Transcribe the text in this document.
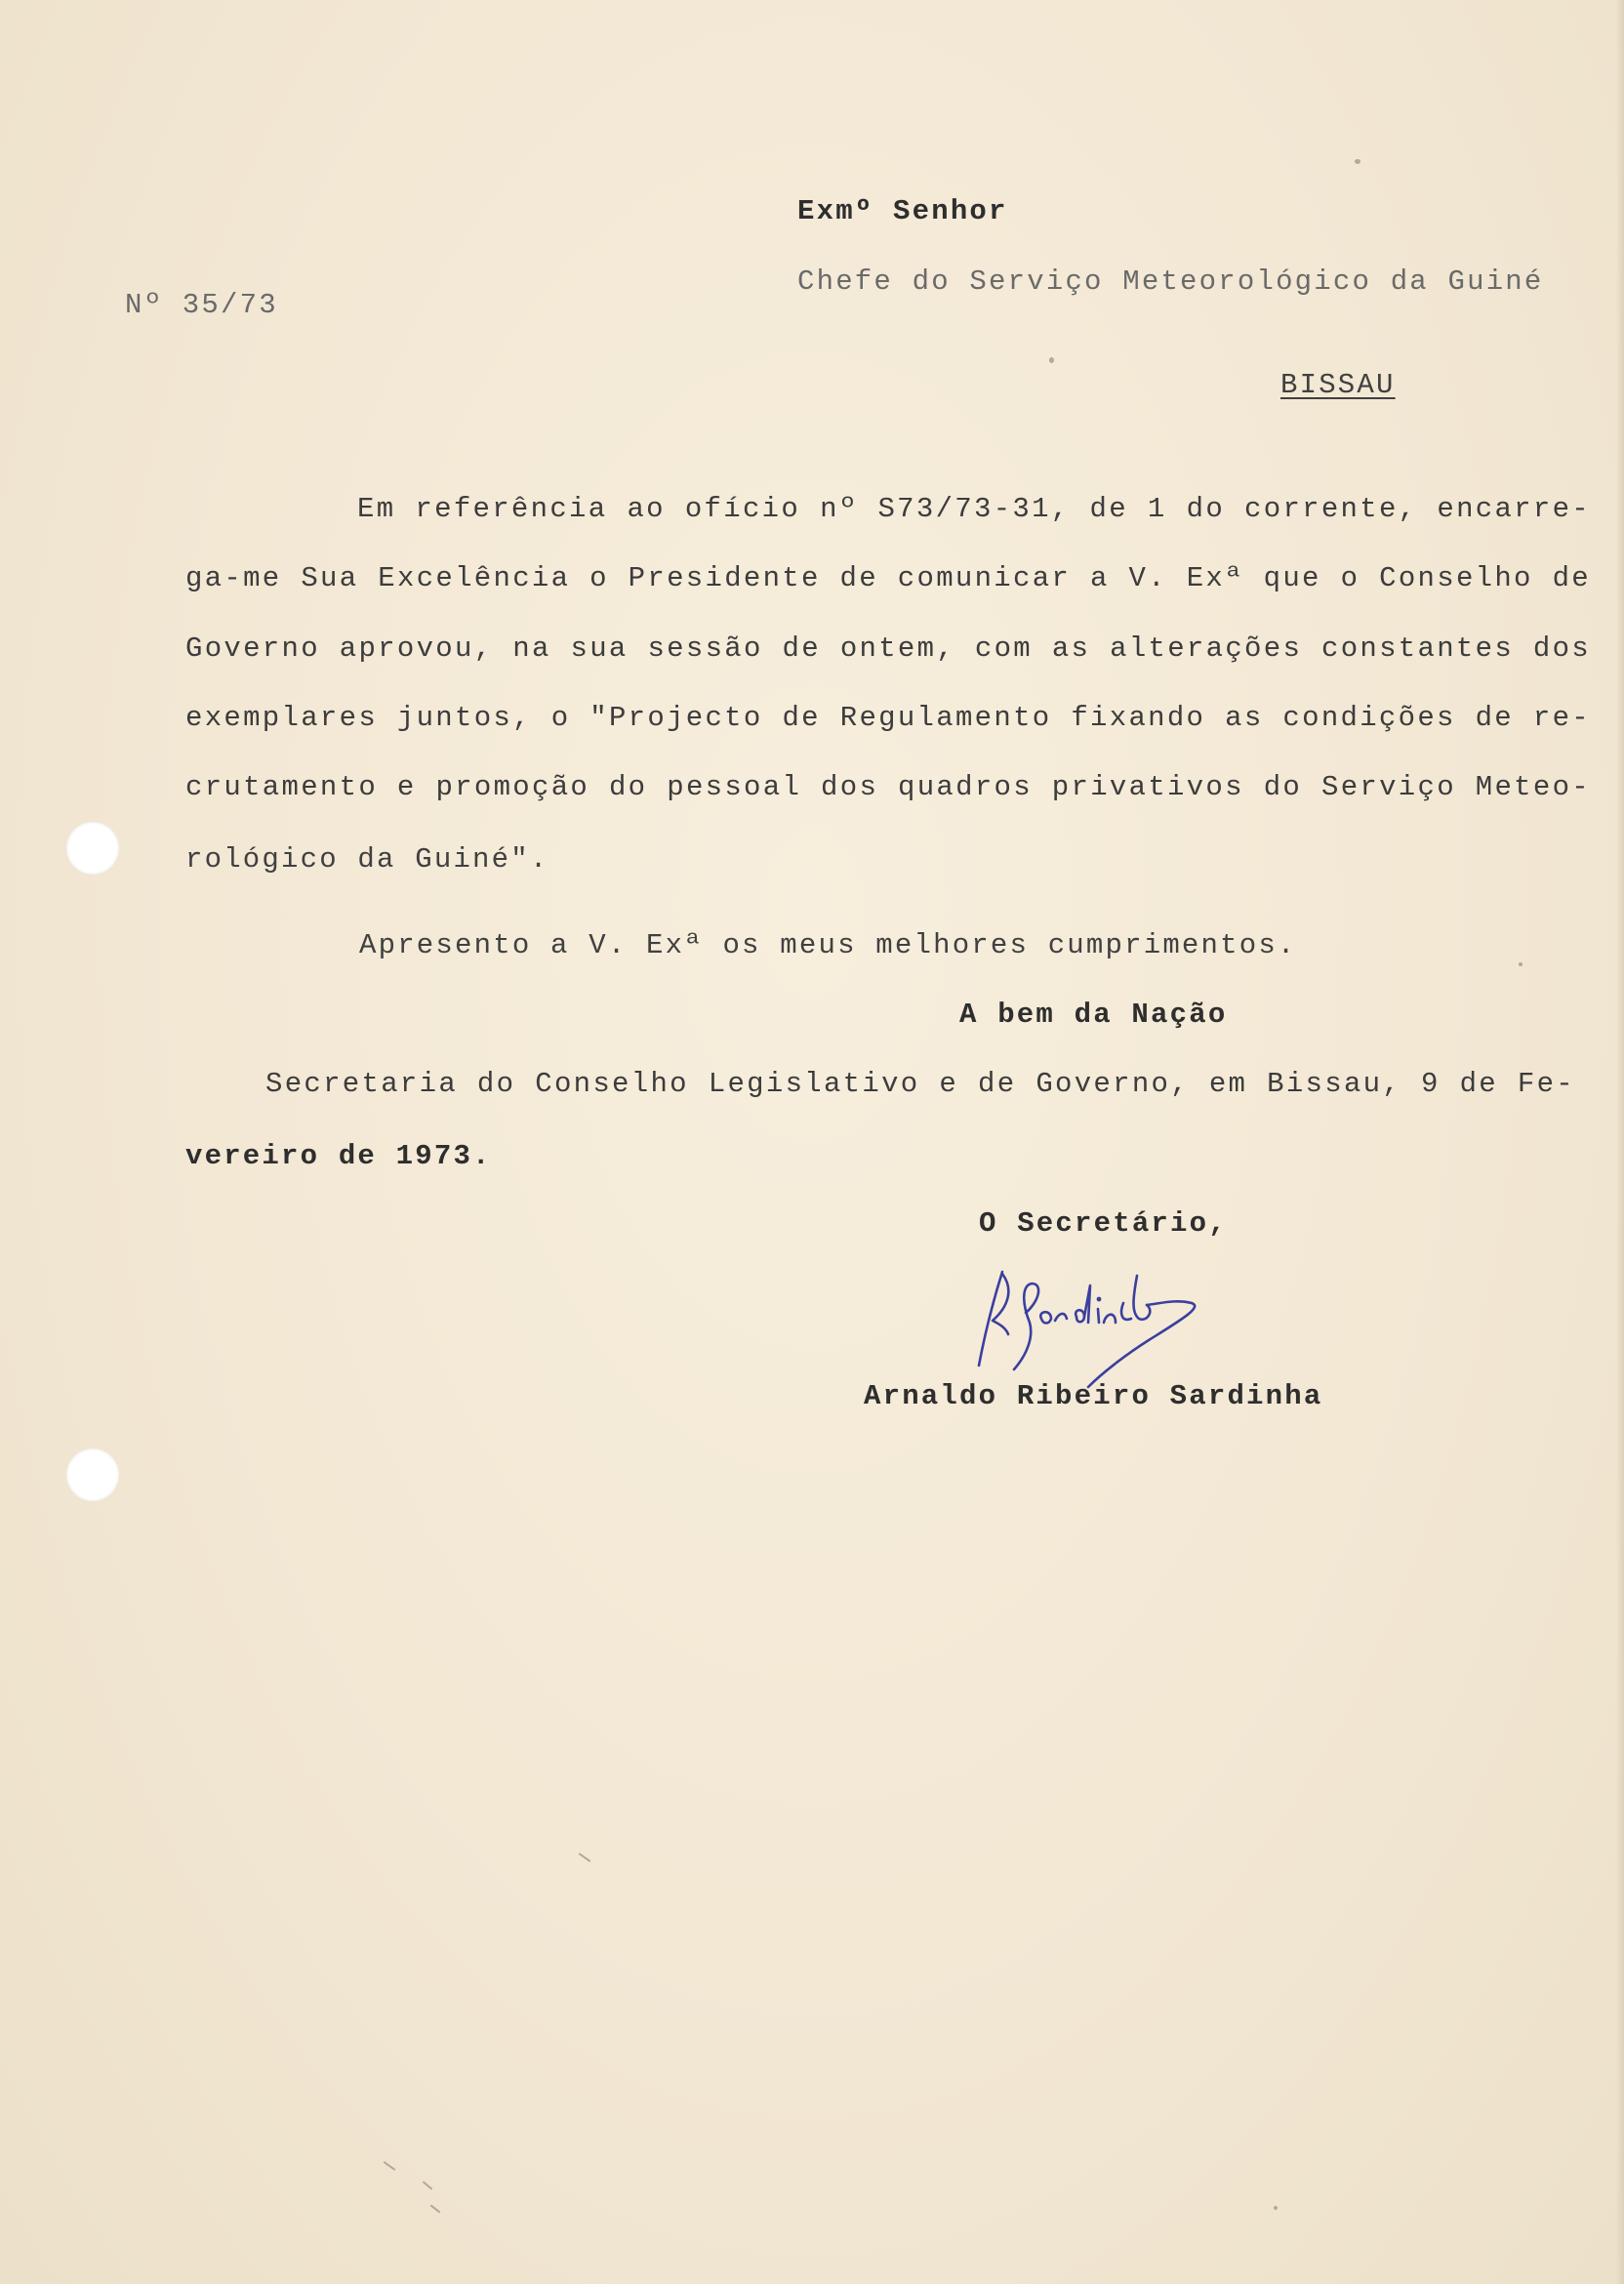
Exmº Senhor
Nº 35/73
Chefe do Serviço Meteorológico da Guiné
BISSAU
Em referência ao ofício nº S73/73-31, de 1 do corrente, encarre-
ga-me Sua Excelência o Presidente de comunicar a V. Exª que o Conselho de
Governo aprovou, na sua sessão de ontem, com as alterações constantes dos
exemplares juntos, o "Projecto de Regulamento fixando as condições de re-
crutamento e promoção do pessoal dos quadros privativos do Serviço Meteo-
rológico da Guiné".
Apresento a V. Exª os meus melhores cumprimentos.
A bem da Nação
Secretaria do Conselho Legislativo e de Governo, em Bissau, 9 de Fe-
vereiro de 1973.
O Secretário,
Arnaldo Ribeiro Sardinha
